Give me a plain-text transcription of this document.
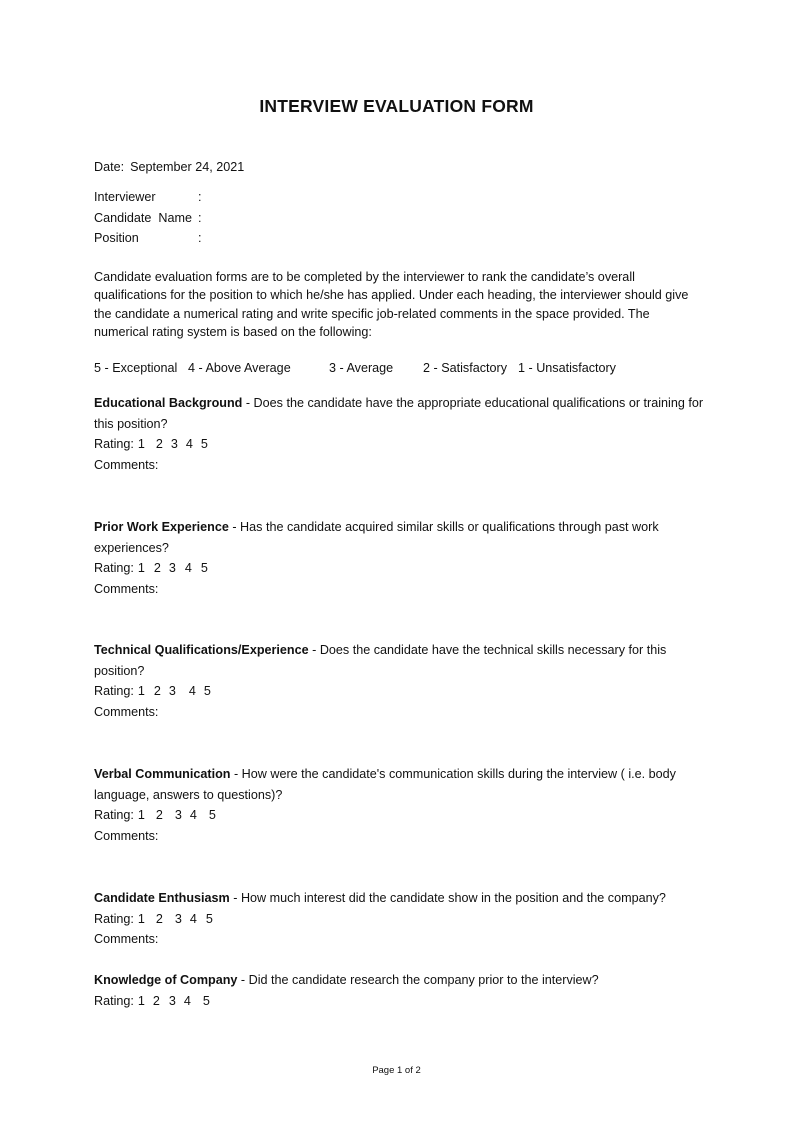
INTERVIEW EVALUATION FORM
Date: September 24, 2021
Interviewer	:
Candidate  Name :
Position	:
Candidate evaluation forms are to be completed by the interviewer to rank the candidate’s overall qualifications for the position to which he/she has applied. Under each heading, the interviewer should give the candidate a numerical rating and write specific job-related comments in the space provided. The numerical rating system is based on the following:
5 - Exceptional 4 - Above Average	3 - Average	2 - Satisfactory 1 - Unsatisfactory
Educational Background - Does the candidate have the appropriate educational qualifications or training for this position?
Rating: 1 2 3 4 5
Comments:
Prior Work Experience - Has the candidate acquired similar skills or qualifications through past work experiences?
Rating: 1 2 3 4 5
Comments:
Technical Qualifications/Experience - Does the candidate have the technical skills necessary for this position?
Rating: 1 2 3 4 5
Comments:
Verbal Communication - How were the candidate's communication skills during the interview ( i.e. body language, answers to questions)?
Rating: 1 2 3 4 5
Comments:
Candidate Enthusiasm - How much interest did the candidate show in the position and the company?
Rating: 1 2 3 4 5
Comments:
Knowledge of Company - Did the candidate research the company prior to the interview?
Rating: 1 2 3 4 5
Page 1 of 2
